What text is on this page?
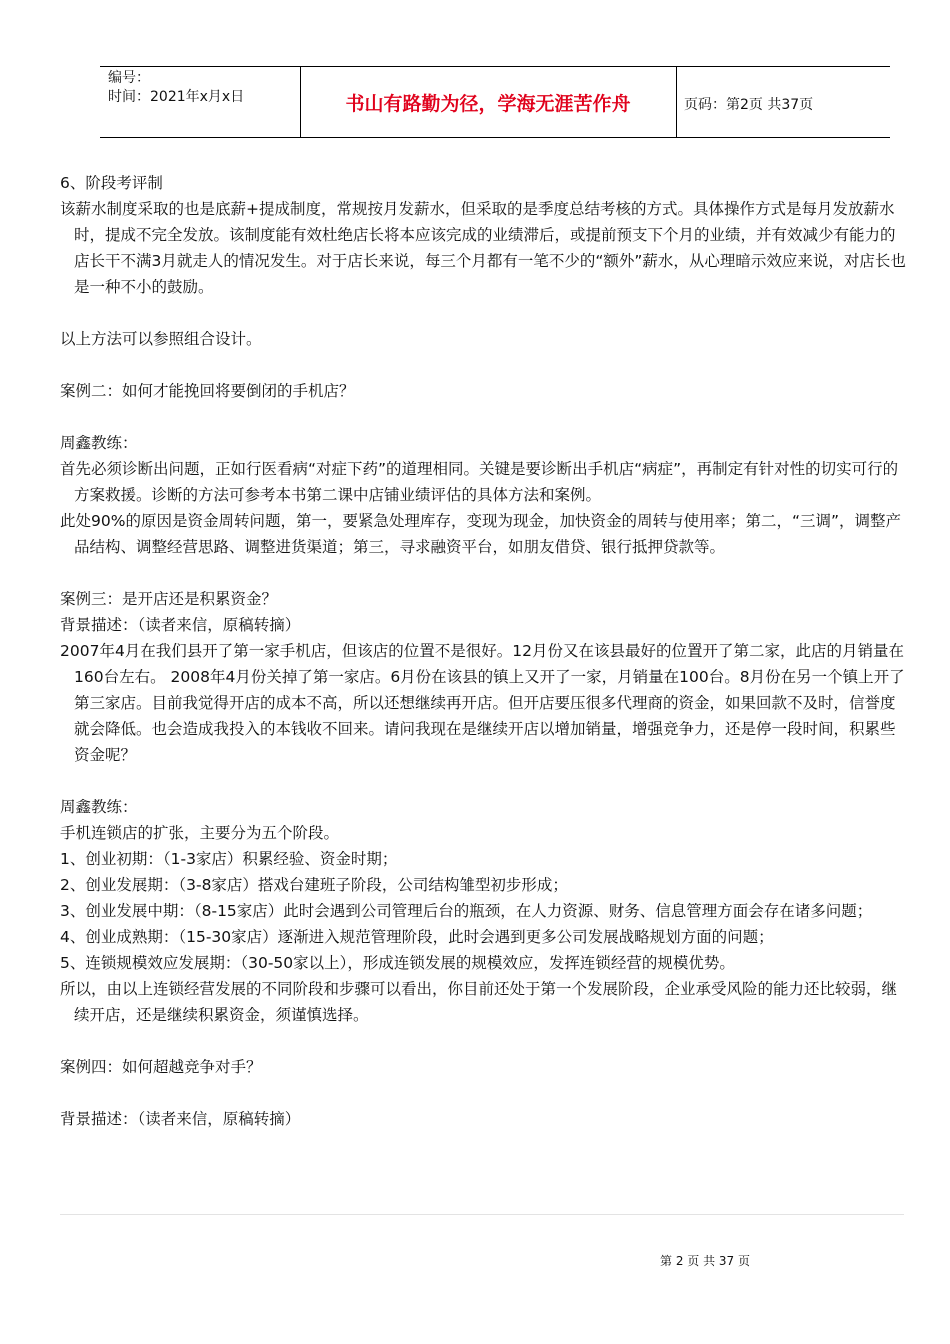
编号：
时间：2021年x月x日	书山有路勤为径，学海无涯苦作舟	页码：第2页 共37页

6、阶段考评制

该薪水制度采取的也是底薪+提成制度，常规按月发薪水，但采取的是季度总结考核的方式。具体操作方式是每月发放薪水时，提成不完全发放。该制度能有效杜绝店长将本应该完成的业绩滞后，或提前预支下个月的业绩，并有效减少有能力的店长干不满3月就走人的情况发生。对于店长来说，每三个月都有一笔不少的“额外”薪水，从心理暗示效应来说，对店长也是一种不小的鼓励。

以上方法可以参照组合设计。

案例二：如何才能挽回将要倒闭的手机店？

周鑫教练：

首先必须诊断出问题，正如行医看病“对症下药”的道理相同。关键是要诊断出手机店“病症”，再制定有针对性的切实可行的方案救援。诊断的方法可参考本书第二课中店铺业绩评估的具体方法和案例。

此处90%的原因是资金周转问题，第一，要紧急处理库存，变现为现金，加快资金的周转与使用率；第二，“三调”，调整产品结构、调整经营思路、调整进货渠道；第三，寻求融资平台，如朋友借贷、银行抵押贷款等。

案例三：是开店还是积累资金？

背景描述：（读者来信，原稿转摘）

2007年4月在我们县开了第一家手机店，但该店的位置不是很好。12月份又在该县最好的位置开了第二家，此店的月销量在160台左右。 2008年4月份关掉了第一家店。6月份在该县的镇上又开了一家，月销量在100台。8月份在另一个镇上开了第三家店。目前我觉得开店的成本不高，所以还想继续再开店。但开店要压很多代理商的资金，如果回款不及时，信誉度就会降低。也会造成我投入的本钱收不回来。请问我现在是继续开店以增加销量，增强竞争力，还是停一段时间，积累些资金呢？

周鑫教练：

手机连锁店的扩张，主要分为五个阶段。

1、创业初期：（1-3家店）积累经验、资金时期；

2、创业发展期：（3-8家店）搭戏台建班子阶段，公司结构雏型初步形成；

3、创业发展中期：（8-15家店）此时会遇到公司管理后台的瓶颈，在人力资源、财务、信息管理方面会存在诸多问题；

4、创业成熟期：（15-30家店）逐渐进入规范管理阶段，此时会遇到更多公司发展战略规划方面的问题；

5、连锁规模效应发展期：（30-50家以上），形成连锁发展的规模效应，发挥连锁经营的规模优势。

所以，由以上连锁经营发展的不同阶段和步骤可以看出，你目前还处于第一个发展阶段，企业承受风险的能力还比较弱，继续开店，还是继续积累资金，须谨慎选择。

案例四：如何超越竞争对手？

背景描述：（读者来信，原稿转摘）

第 2 页 共 37 页
